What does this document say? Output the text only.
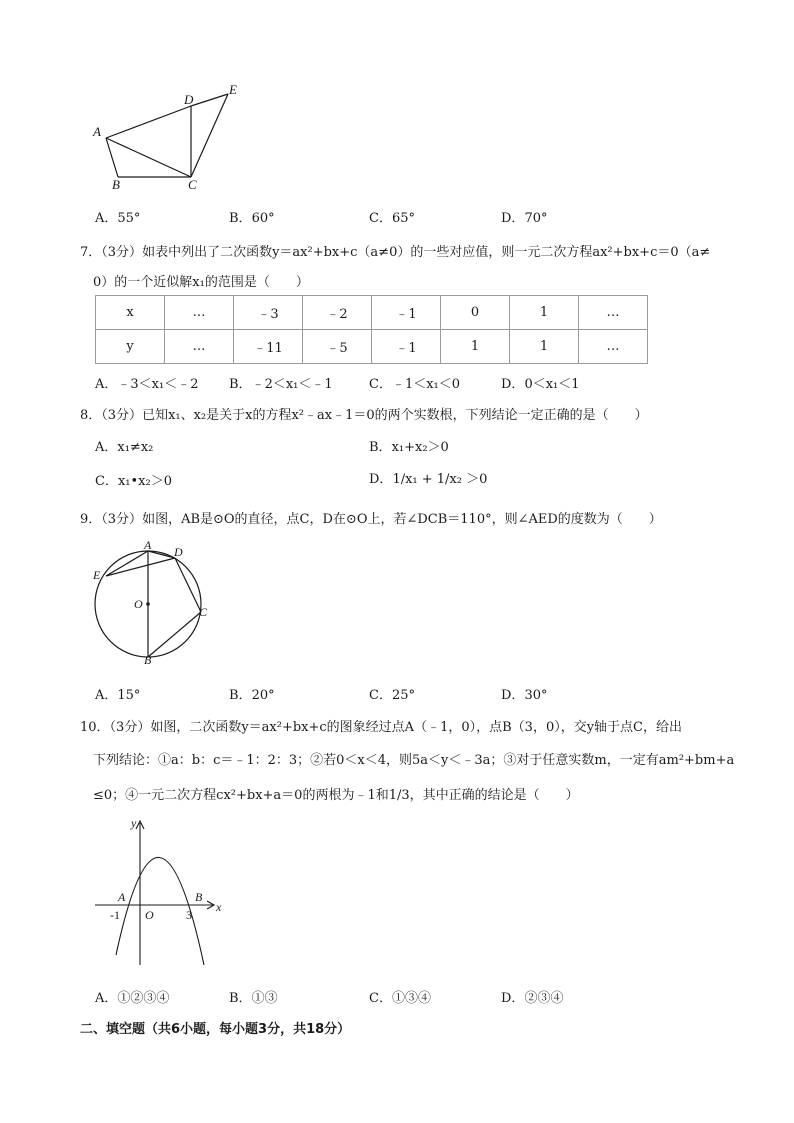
A
B	C
D
E
A．55°	B．60°	C．65°	D．70°
7．（3分）如表中列出了二次函数y＝ax²+bx+c（a≠0）的一些对应值，则一元二次方程ax²+bx+c＝0（a≠
0）的一个近似解x₁的范围是（　　）
x	…	﹣3	﹣2	﹣1	0	1	…
y	…	﹣11	﹣5	﹣1	1	1	…
A．﹣3＜x₁＜﹣2 B．﹣2＜x₁＜﹣1	C．﹣1＜x₁＜0	D．0＜x₁＜1
8．（3分）已知x₁、x₂是关于x的方程x²﹣ax﹣1＝0的两个实数根，下列结论一定正确的是（　　）
A．x₁≠x₂	B．x₁+x₂＞0
C．x₁•x₂＞0	D．1/x₁ + 1/x₂ ＞0
9．（3分）如图，AB是⊙O的直径，点C，D在⊙O上，若∠DCB＝110°，则∠AED的度数为（　　）
A
B
C
D
E
O
A．15°	B．20°	C．25°	D．30°
10．（3分）如图，二次函数y＝ax²+bx+c的图象经过点A（﹣1，0），点B（3，0），交y轴于点C，给出
下列结论：①a：b：c＝﹣1：2：3；②若0＜x＜4，则5a＜y＜﹣3a；③对于任意实数m，一定有am²+bm+a
≤0；④一元二次方程cx²+bx+a＝0的两根为﹣1和1/3，其中正确的结论是（　　）
y
x
A	B
O
-1	3
A．①②③④	B．①③	C．①③④	D．②③④
二、填空题（共6小题，每小题3分，共18分）
